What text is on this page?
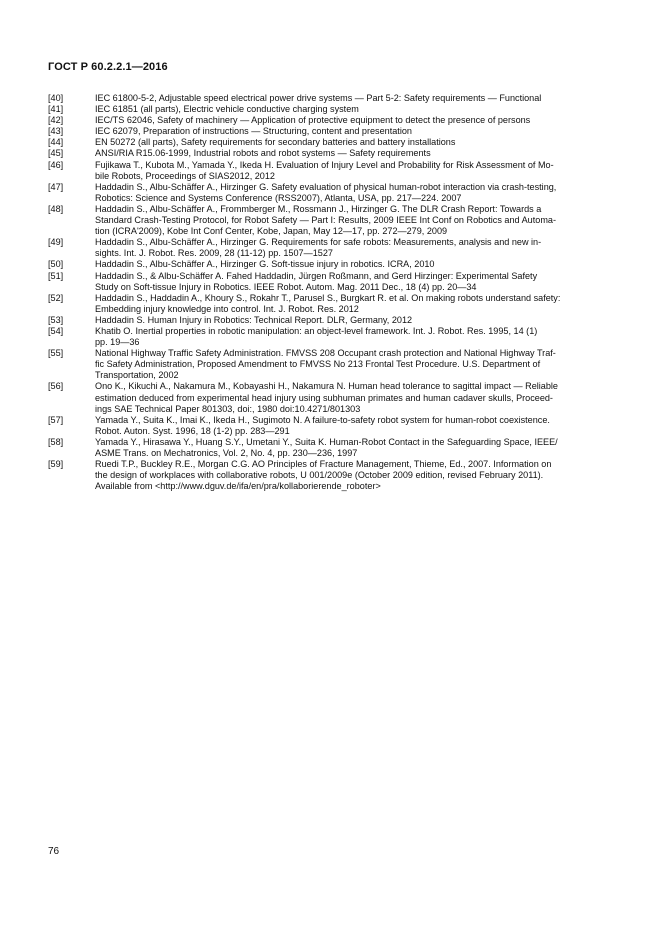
ГОСТ Р 60.2.2.1—2016
[40]	IEC 61800-5-2, Adjustable speed electrical power drive systems — Part 5-2: Safety requirements — Functional
[41]	IEC 61851 (all parts), Electric vehicle conductive charging system
[42]	IEC/TS 62046, Safety of machinery — Application of protective equipment to detect the presence of persons
[43]	IEC 62079, Preparation of instructions — Structuring, content and presentation
[44]	EN 50272 (all parts), Safety requirements for secondary batteries and battery installations
[45]	ANSI/RIA R15.06-1999, Industrial robots and robot systems — Safety requirements
[46]	Fujikawa T., Kubota M., Yamada Y., Ikeda H. Evaluation of Injury Level and Probability for Risk Assessment of Mo-
bile Robots, Proceedings of SIAS2012, 2012
[47]	Haddadin S., Albu-Schäffer A., Hirzinger G. Safety evaluation of physical human-robot interaction via crash-testing,
Robotics: Science and Systems Conference (RSS2007), Atlanta, USA, pp. 217—224. 2007
[48]	Haddadin S., Albu-Schäffer A., Frommberger M., Rossmann J., Hirzinger G. The DLR Crash Report: Towards a
Standard Crash-Testing Protocol, for Robot Safety — Part I: Results, 2009 IEEE Int Conf on Robotics and Automa-
tion (ICRA'2009), Kobe Int Conf Center, Kobe, Japan, May 12—17, pp. 272—279, 2009
[49]	Haddadin S., Albu-Schäffer A., Hirzinger G. Requirements for safe robots: Measurements, analysis and new in-
sights. Int. J. Robot. Res. 2009, 28 (11-12) pp. 1507—1527
[50]	Haddadin S., Albu-Schäffer A., Hirzinger G. Soft-tissue injury in robotics. ICRA, 2010
[51]	Haddadin S., & Albu-Schäffer A. Fahed Haddadin, Jürgen Roßmann, and Gerd Hirzinger: Experimental Safety
Study on Soft-tissue Injury in Robotics. IEEE Robot. Autom. Mag. 2011 Dec., 18 (4) pp. 20—34
[52]	Haddadin S., Haddadin A., Khoury S., Rokahr T., Parusel S., Burgkart R. et al. On making robots understand safety:
Embedding injury knowledge into control. Int. J. Robot. Res. 2012
[53]	Haddadin S. Human Injury in Robotics: Technical Report. DLR, Germany, 2012
[54]	Khatib O. Inertial properties in robotic manipulation: an object-level framework. Int. J. Robot. Res. 1995, 14 (1)
pp. 19—36
[55]	National Highway Traffic Safety Administration. FMVSS 208 Occupant crash protection and National Highway Traf-
fic Safety Administration, Proposed Amendment to FMVSS No 213 Frontal Test Procedure. U.S. Department of
Transportation, 2002
[56]	Ono K., Kikuchi A., Nakamura M., Kobayashi H., Nakamura N. Human head tolerance to sagittal impact — Reliable
estimation deduced from experimental head injury using subhuman primates and human cadaver skulls, Proceed-
ings SAE Technical Paper 801303, doi:, 1980 doi:10.4271/801303
[57]	Yamada Y., Suita K., Imai K., Ikeda H., Sugimoto N. A failure-to-safety robot system for human-robot coexistence.
Robot. Auton. Syst. 1996, 18 (1-2) pp. 283—291
[58]	Yamada Y., Hirasawa Y., Huang S.Y., Umetani Y., Suita K. Human-Robot Contact in the Safeguarding Space, IEEE/
ASME Trans. on Mechatronics, Vol. 2, No. 4, pp. 230—236, 1997
[59]	Ruedi T.P., Buckley R.E., Morgan C.G. AO Principles of Fracture Management, Thieme, Ed., 2007. Information on
the design of workplaces with collaborative robots, U 001/2009e (October 2009 edition, revised February 2011).
Available from <http://www.dguv.de/ifa/en/pra/kollaborierende_roboter>
76
